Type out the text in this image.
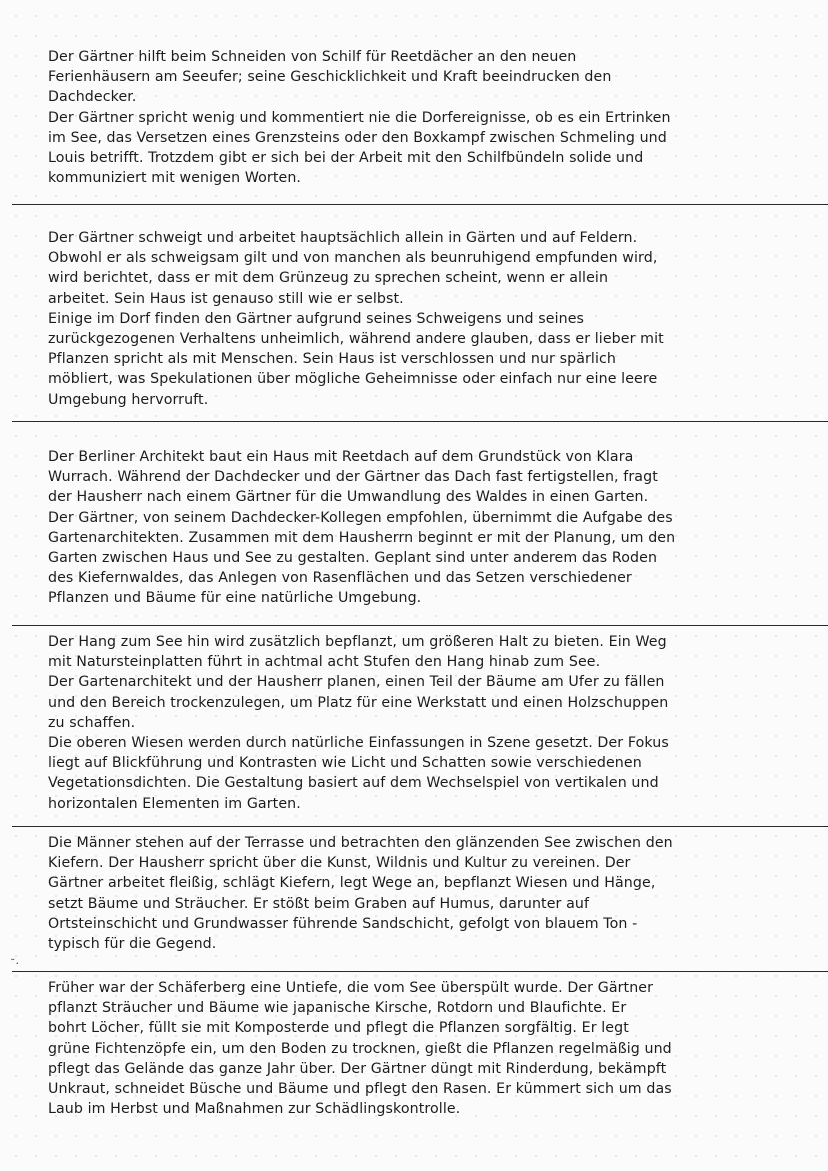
Der Gärtner hilft beim Schneiden von Schilf für Reetdächer an den neuen

Ferienhäusern am Seeufer; seine Geschicklichkeit und Kraft beeindrucken den

Dachdecker.

Der Gärtner spricht wenig und kommentiert nie die Dorfereignisse, ob es ein Ertrinken

im See, das Versetzen eines Grenzsteins oder den Boxkampf zwischen Schmeling und

Louis betrifft. Trotzdem gibt er sich bei der Arbeit mit den Schilfbündeln solide und

kommuniziert mit wenigen Worten.

Der Gärtner schweigt und arbeitet hauptsächlich allein in Gärten und auf Feldern.

Obwohl er als schweigsam gilt und von manchen als beunruhigend empfunden wird,

wird berichtet, dass er mit dem Grünzeug zu sprechen scheint, wenn er allein

arbeitet. Sein Haus ist genauso still wie er selbst.

Einige im Dorf finden den Gärtner aufgrund seines Schweigens und seines

zurückgezogenen Verhaltens unheimlich, während andere glauben, dass er lieber mit

Pflanzen spricht als mit Menschen. Sein Haus ist verschlossen und nur spärlich

möbliert, was Spekulationen über mögliche Geheimnisse oder einfach nur eine leere

Umgebung hervorruft.

Der Berliner Architekt baut ein Haus mit Reetdach auf dem Grundstück von Klara

Wurrach. Während der Dachdecker und der Gärtner das Dach fast fertigstellen, fragt

der Hausherr nach einem Gärtner für die Umwandlung des Waldes in einen Garten.

Der Gärtner, von seinem Dachdecker-Kollegen empfohlen, übernimmt die Aufgabe des

Gartenarchitekten. Zusammen mit dem Hausherrn beginnt er mit der Planung, um den

Garten zwischen Haus und See zu gestalten. Geplant sind unter anderem das Roden

des Kiefernwaldes, das Anlegen von Rasenflächen und das Setzen verschiedener

Pflanzen und Bäume für eine natürliche Umgebung.

Der Hang zum See hin wird zusätzlich bepflanzt, um größeren Halt zu bieten. Ein Weg

mit Natursteinplatten führt in achtmal acht Stufen den Hang hinab zum See.

Der Gartenarchitekt und der Hausherr planen, einen Teil der Bäume am Ufer zu fällen

und den Bereich trockenzulegen, um Platz für eine Werkstatt und einen Holzschuppen

zu schaffen.

Die oberen Wiesen werden durch natürliche Einfassungen in Szene gesetzt. Der Fokus

liegt auf Blickführung und Kontrasten wie Licht und Schatten sowie verschiedenen

Vegetationsdichten. Die Gestaltung basiert auf dem Wechselspiel von vertikalen und

horizontalen Elementen im Garten.

Die Männer stehen auf der Terrasse und betrachten den glänzenden See zwischen den

Kiefern. Der Hausherr spricht über die Kunst, Wildnis und Kultur zu vereinen. Der

Gärtner arbeitet fleißig, schlägt Kiefern, legt Wege an, bepflanzt Wiesen und Hänge,

setzt Bäume und Sträucher. Er stößt beim Graben auf Humus, darunter auf

Ortsteinschicht und Grundwasser führende Sandschicht, gefolgt von blauem Ton -

typisch für die Gegend.

˘·

Früher war der Schäferberg eine Untiefe, die vom See überspült wurde. Der Gärtner

pflanzt Sträucher und Bäume wie japanische Kirsche, Rotdorn und Blaufichte. Er

bohrt Löcher, füllt sie mit Komposterde und pflegt die Pflanzen sorgfältig. Er legt

grüne Fichtenzöpfe ein, um den Boden zu trocknen, gießt die Pflanzen regelmäßig und

pflegt das Gelände das ganze Jahr über. Der Gärtner düngt mit Rinderdung, bekämpft

Unkraut, schneidet Büsche und Bäume und pflegt den Rasen. Er kümmert sich um das

Laub im Herbst und Maßnahmen zur Schädlingskontrolle.
